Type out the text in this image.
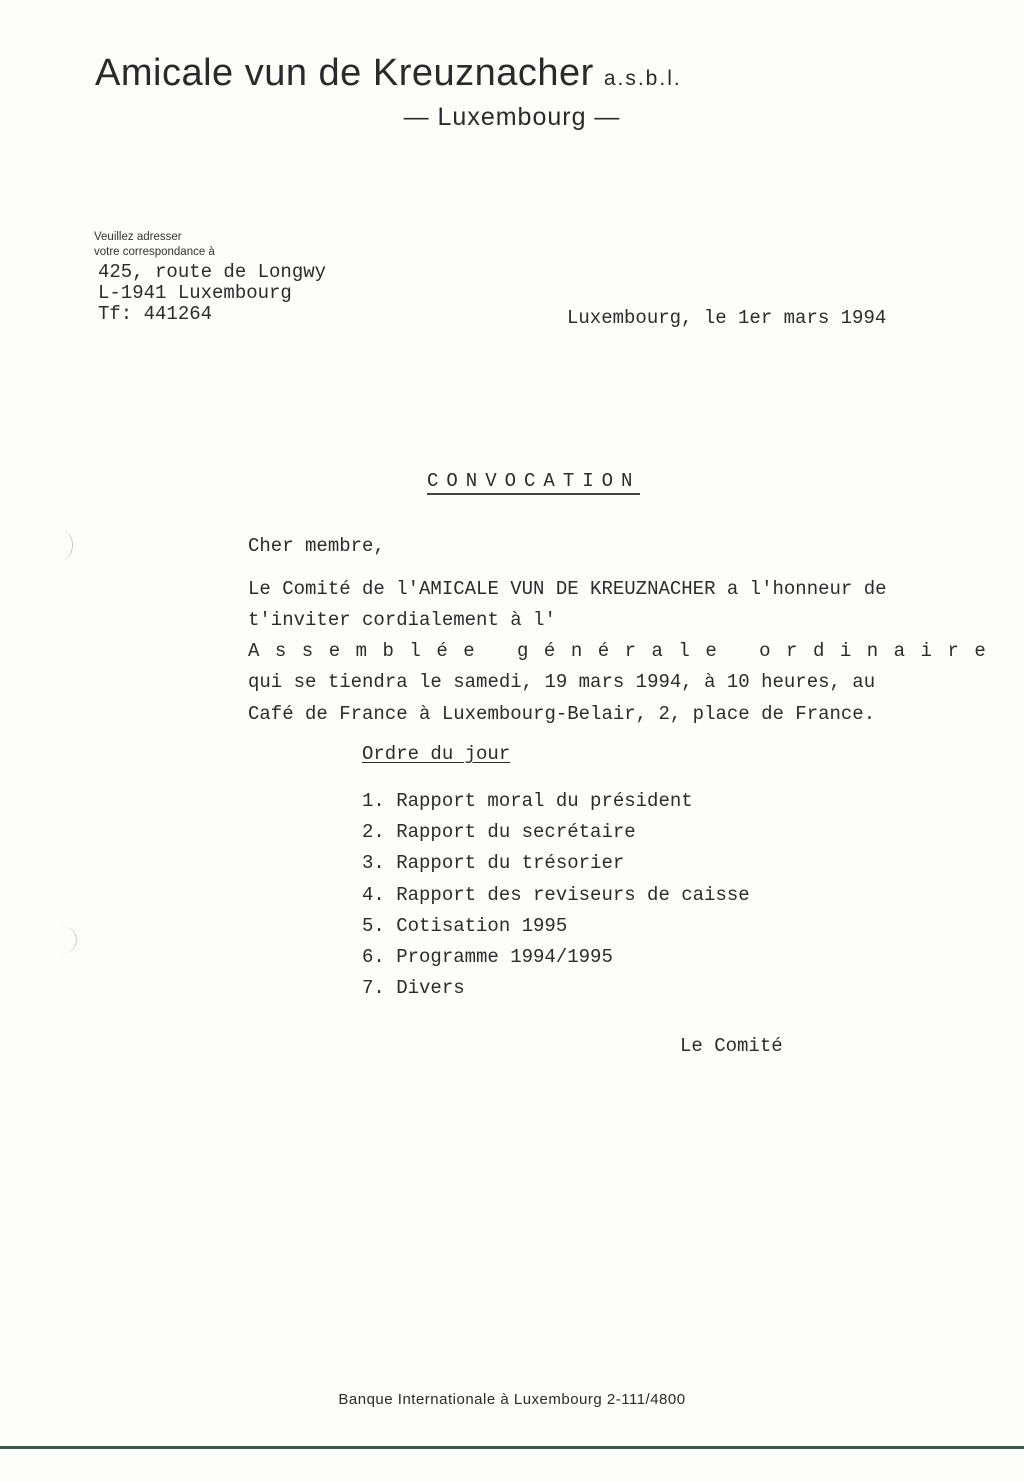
Amicale vun de Kreuznacher a.s.b.l.
— Luxembourg —
Veuillez adresser
votre correspondance à
425, route de Longwy
L-1941 Luxembourg
Tf: 441264	Luxembourg, le 1er mars 1994
CONVOCATION
Cher membre,
Le Comité de l'AMICALE VUN DE KREUZNACHER a l'honneur de
t'inviter cordialement à l'
Assemblée générale ordinaire
qui se tiendra le samedi, 19 mars 1994, à 10 heures, au
Café de France à Luxembourg-Belair, 2, place de France.
Ordre du jour
1. Rapport moral du président
2. Rapport du secrétaire
3. Rapport du trésorier
4. Rapport des reviseurs de caisse
5. Cotisation 1995
6. Programme 1994/1995
7. Divers
Le Comité
Banque Internationale à Luxembourg 2-111/4800
